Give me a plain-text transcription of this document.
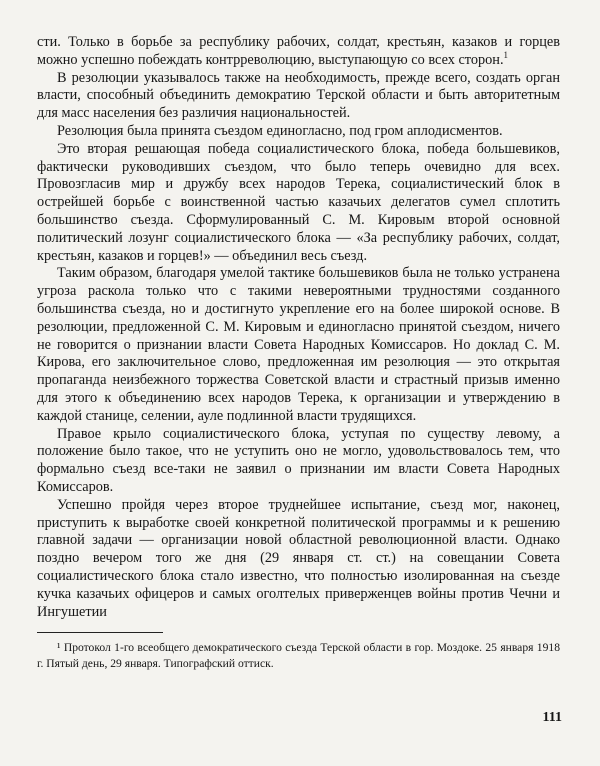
сти. Только в борьбе за республику рабочих, солдат, крестьян, казаков и горцев можно успешно побеждать контрреволюцию, выступающую со всех сторон.$^1$

В резолюции указывалось также на необходимость, прежде всего, создать орган власти, способный объединить демократию Терской области и быть авторитетным для масс населения без различия национальностей.

Резолюция была принята съездом единогласно, под гром аплодисментов.

Это вторая решающая победа социалистического блока, победа большевиков, фактически руководивших съездом, что было теперь очевидно для всех. Провозгласив мир и дружбу всех народов Терека, социалистический блок в острейшей борьбе с воинственной частью казачьих делегатов сумел сплотить большинство съезда. Сформулированный С. М. Кировым второй основной политический лозунг социалистического блока — «За республику рабочих, солдат, крестьян, казаков и горцев!» — объединил весь съезд.

Таким образом, благодаря умелой тактике большевиков была не только устранена угроза раскола только что с такими невероятными трудностями созданного большинства съезда, но и достигнуто укрепление его на более широкой основе. В резолюции, предложенной С. М. Кировым и единогласно принятой съездом, ничего не говорится о признании власти Совета Народных Комиссаров. Но доклад С. М. Кирова, его заключительное слово, предложенная им резолюция — это открытая пропаганда неизбежного торжества Советской власти и страстный призыв именно для этого к объединению всех народов Терека, к организации и утверждению в каждой станице, селении, ауле подлинной власти трудящихся.

Правое крыло социалистического блока, уступая по существу левому, а положение было такое, что не уступить оно не могло, удовольствовалось тем, что формально съезд все-таки не заявил о признании им власти Совета Народных Комиссаров.

Успешно пройдя через второе труднейшее испытание, съезд мог, наконец, приступить к выработке своей конкретной политической программы и к решению главной задачи — организации новой областной революционной власти. Однако поздно вечером того же дня (29 января ст. ст.) на совещании Совета социалистического блока стало известно, что полностью изолированная на съезде кучка казачьих офицеров и самых оголтелых приверженцев войны против Чечни и Ингушетии

¹ Протокол 1-го всеобщего демократического съезда Терской области в гор. Моздоке. 25 января 1918 г. Пятый день, 29 января. Типографский оттиск.

111
